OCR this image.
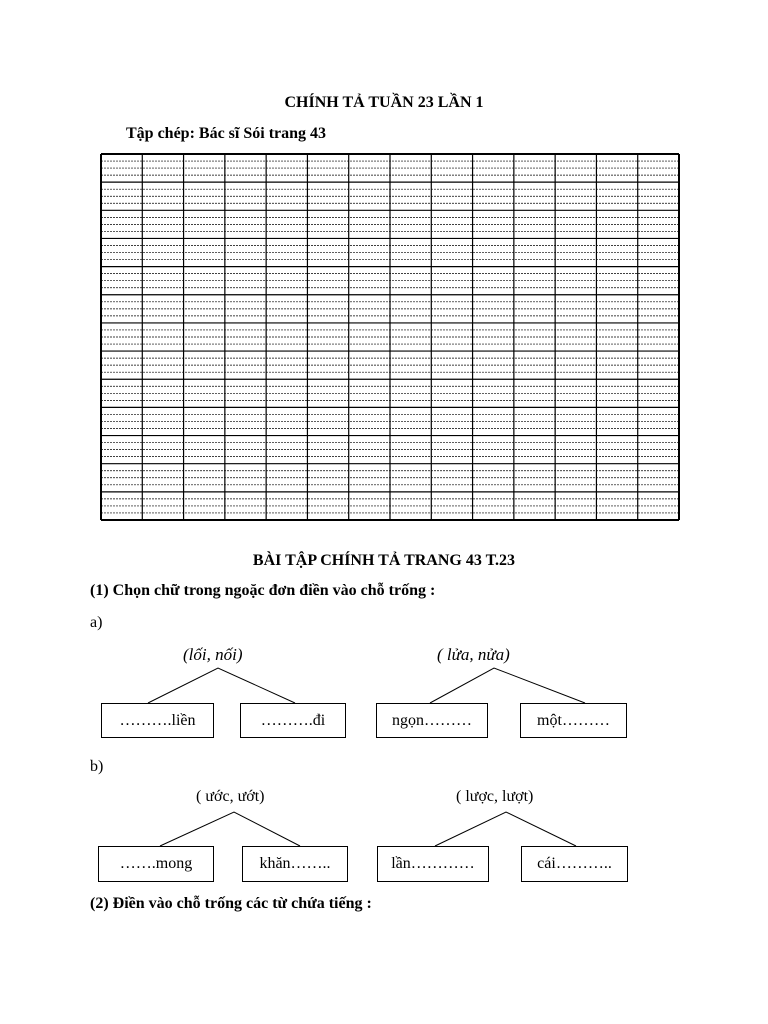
CHÍNH TẢ TUẦN 23 LẦN 1
Tập chép: Bác sĩ Sói trang 43
BÀI TẬP CHÍNH TẢ TRANG 43 T.23
(1) Chọn chữ trong ngoặc đơn điền vào chỗ trống :
a)
(lối, nối)	( lửa, nửa)
……….liền	……….đi	ngọn………	một………
b)
( ước, ướt)	( lược, lượt)
…….mong	khăn……..	lần…………	cái………..
(2) Điền vào chỗ trống các từ chứa tiếng :
